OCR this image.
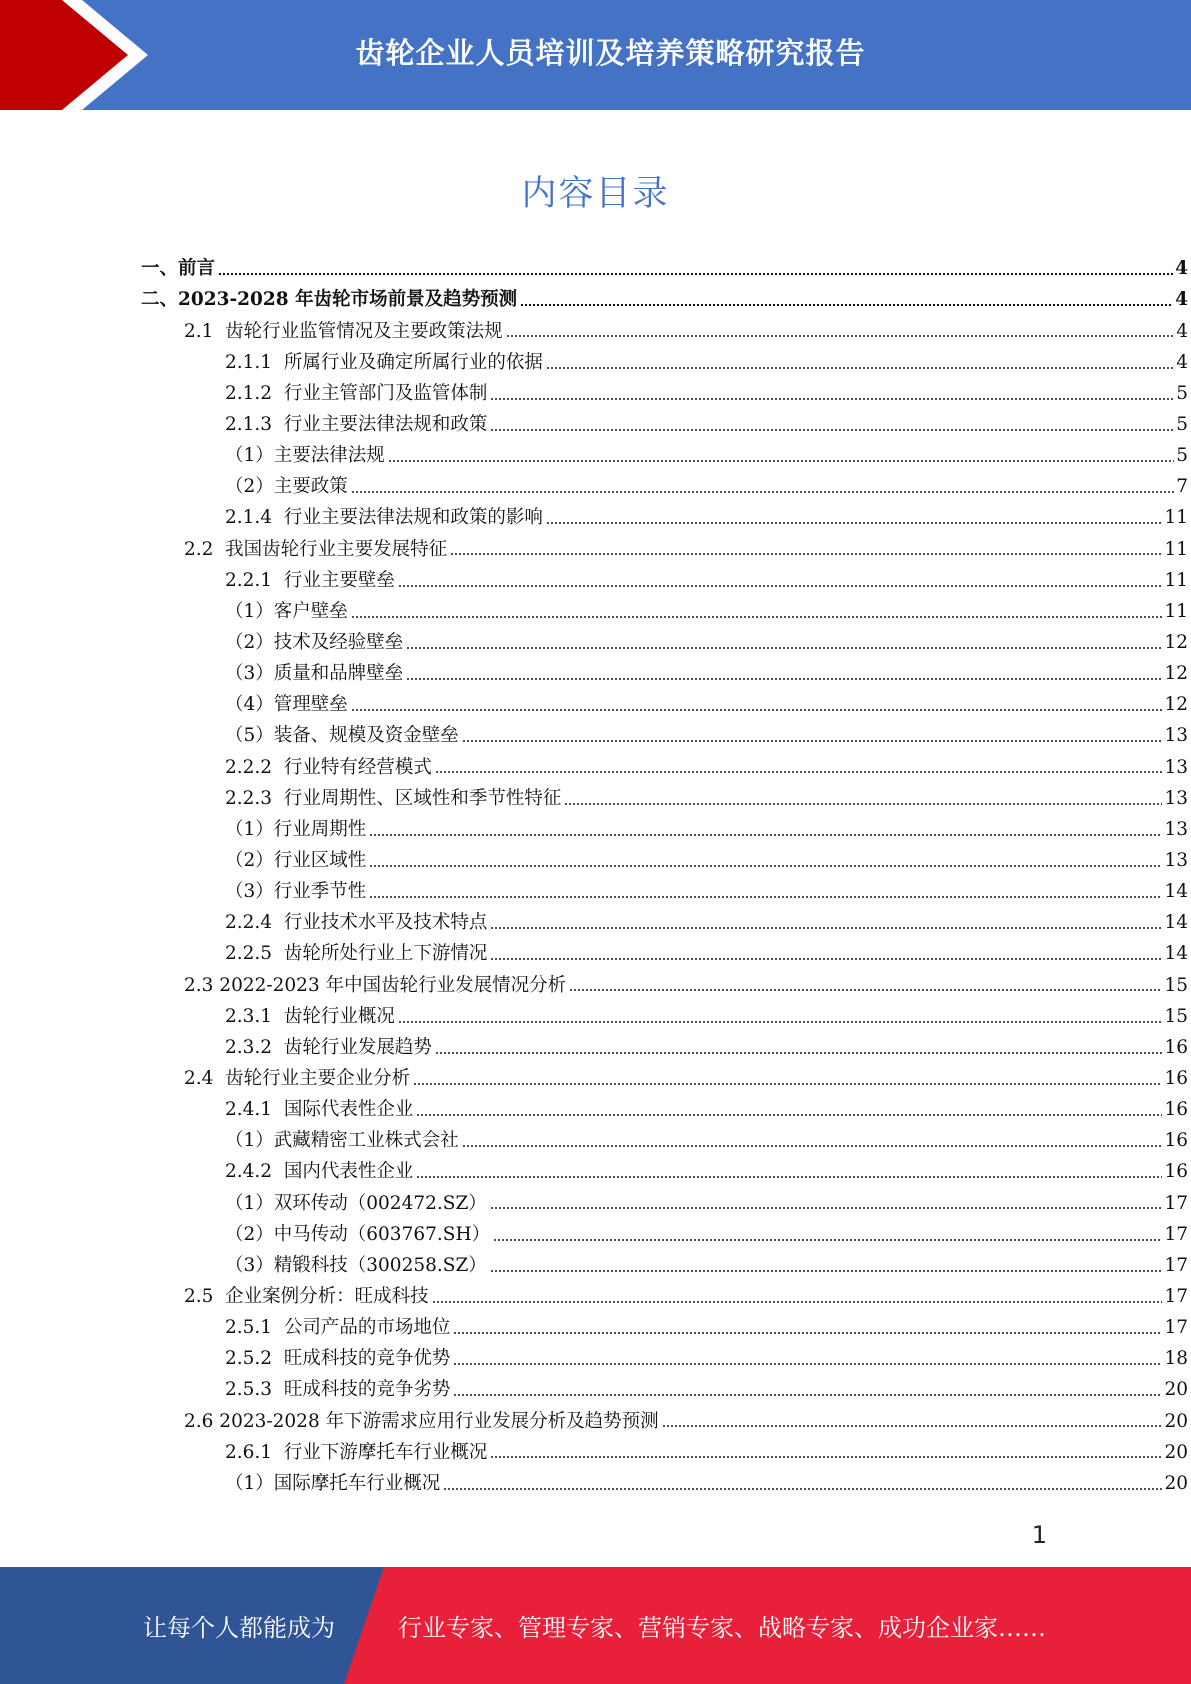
齿轮企业人员培训及培养策略研究报告
内容目录
一、前言	4
二、2023-2028 年齿轮市场前景及趋势预测	4
2.1  齿轮行业监管情况及主要政策法规	4
2.1.1  所属行业及确定所属行业的依据	4
2.1.2  行业主管部门及监管体制	5
2.1.3  行业主要法律法规和政策	5
（1）主要法律法规	5
（2）主要政策	7
2.1.4  行业主要法律法规和政策的影响	11
2.2  我国齿轮行业主要发展特征	11
2.2.1  行业主要壁垒	11
（1）客户壁垒	11
（2）技术及经验壁垒	12
（3）质量和品牌壁垒	12
（4）管理壁垒	12
（5）装备、规模及资金壁垒	13
2.2.2  行业特有经营模式	13
2.2.3  行业周期性、区域性和季节性特征	13
（1）行业周期性	13
（2）行业区域性	13
（3）行业季节性	14
2.2.4  行业技术水平及技术特点	14
2.2.5  齿轮所处行业上下游情况	14
2.3 2022-2023 年中国齿轮行业发展情况分析	15
2.3.1  齿轮行业概况	15
2.3.2  齿轮行业发展趋势	16
2.4  齿轮行业主要企业分析	16
2.4.1  国际代表性企业	16
（1）武藏精密工业株式会社	16
2.4.2  国内代表性企业	16
（1）双环传动（002472.SZ）	17
（2）中马传动（603767.SH）	17
（3）精锻科技（300258.SZ）	17
2.5  企业案例分析：旺成科技	17
2.5.1  公司产品的市场地位	17
2.5.2  旺成科技的竞争优势	18
2.5.3  旺成科技的竞争劣势	20
2.6 2023-2028 年下游需求应用行业发展分析及趋势预测	20
2.6.1  行业下游摩托车行业概况	20
（1）国际摩托车行业概况	20
1
让每个人都能成为	行业专家、管理专家、营销专家、战略专家、成功企业家……
